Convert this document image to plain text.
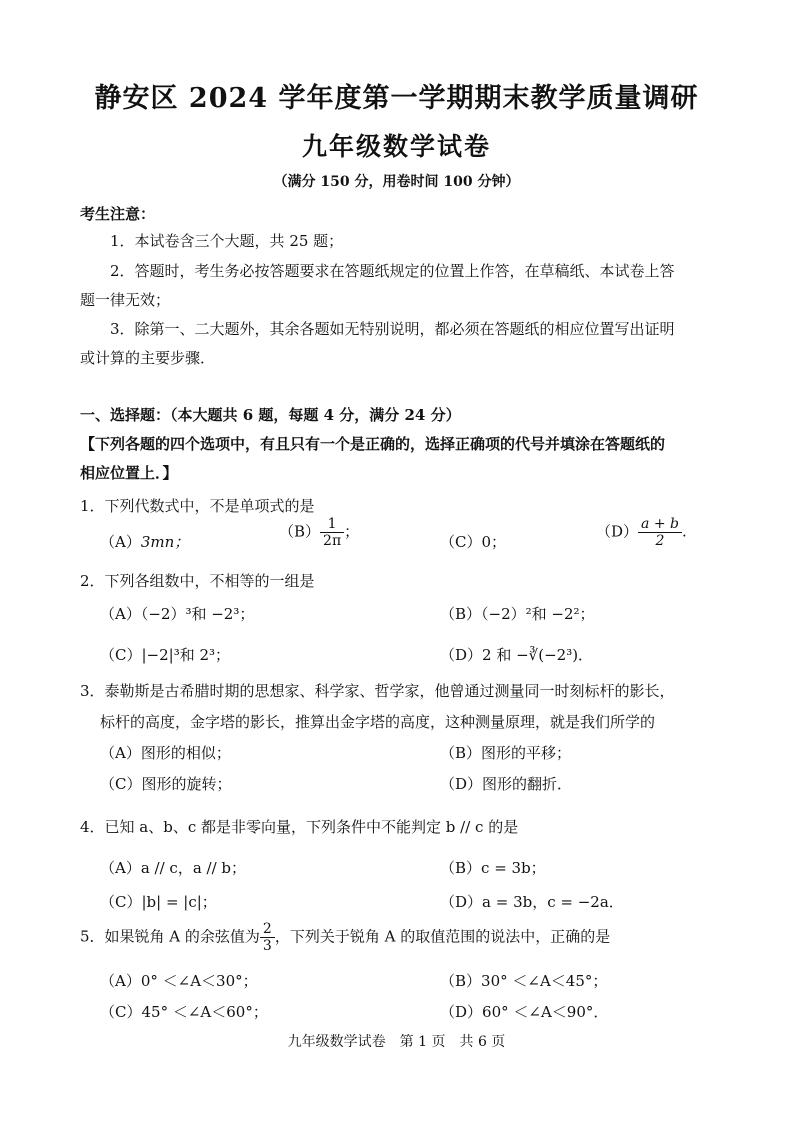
静安区 2024 学年度第一学期期末教学质量调研
九年级数学试卷
（满分 150 分，用卷时间 100 分钟）
考生注意：
1．本试卷含三个大题，共 25 题；
2．答题时，考生务必按答题要求在答题纸规定的位置上作答，在草稿纸、本试卷上答
题一律无效；
3．除第一、二大题外，其余各题如无特别说明，都必须在答题纸的相应位置写出证明
或计算的主要步骤．
一、选择题：（本大题共 6 题，每题 4 分，满分 24 分）
【下列各题的四个选项中，有且只有一个是正确的，选择正确项的代号并填涂在答题纸的
相应位置上．】
1．下列代数式中，不是单项式的是
（A）3mn；
$(B) \frac{1}{2\pi}$ ；
（C）0；
$(D) \frac{a + b}{2}$ .
2．下列各组数中，不相等的一组是
（A）（−2）³和 −2³；	（B）（−2）²和 −2²；
（C）|−2|³和 2³；	（D）2 和 −∛(−2³)．
3．泰勒斯是古希腊时期的思想家、科学家、哲学家，他曾通过测量同一时刻标杆的影长，
标杆的高度，金字塔的影长，推算出金字塔的高度，这种测量原理，就是我们所学的
（A）图形的相似；	（B）图形的平移；
（C）图形的旋转；	（D）图形的翻折．
4．已知 a、b、c 都是非零向量，下列条件中不能判定 b // c 的是
（A）a // c，a // b；	（B）c = 3b；
（C）|b| = |c|；	（D）a = 3b，c = −2a．
5．如果锐角 A 的余弦值为 $\frac{2}{3}$ ，下列关于锐角 A 的取值范围的说法中，正确的是
（A）0° ＜∠A＜30°；	（B）30° ＜∠A＜45°；
（C）45° ＜∠A＜60°；	（D）60° ＜∠A＜90°．
九年级数学试卷　第 1 页　共 6 页
